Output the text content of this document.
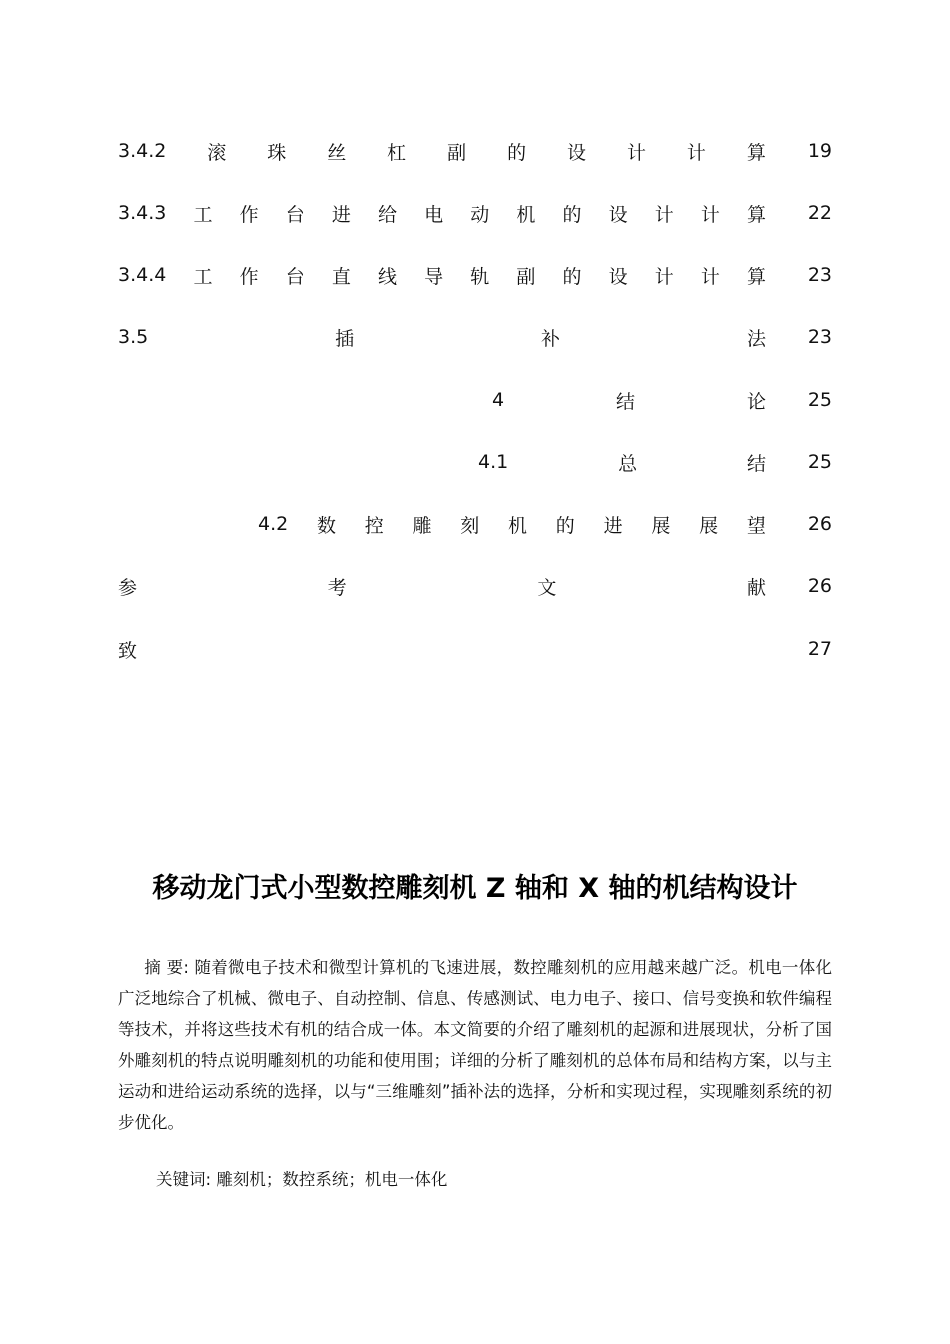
3.4.2 滚 珠 丝 杠 副 的 设 计 计 算	19
3.4.3 工 作 台 进 给 电 动 机 的 设 计 计 算	22
3.4.4 工 作 台 直 线 导 轨 副 的 设 计 计 算	23
3.5	插	补	法	23
4	结	论	25
4.1	总	结	25
4.2 数 控 雕 刻 机 的 进 展 展 望	26
参	考	文	献	26
致	27
移动龙门式小型数控雕刻机 Z 轴和 X 轴的机结构设计
摘 要: 随着微电子技术和微型计算机的飞速进展，数控雕刻机的应用越来越广泛。机电一体化广泛地综合了机械、微电子、自动控制、信息、传感测试、电力电子、接口、信号变换和软件编程等技术，并将这些技术有机的结合成一体。本文简要的介绍了雕刻机的起源和进展现状，分析了国外雕刻机的特点说明雕刻机的功能和使用围；详细的分析了雕刻机的总体布局和结构方案，以与主运动和进给运动系统的选择，以与“三维雕刻”插补法的选择，分析和实现过程，实现雕刻系统的初步优化。
关键词: 雕刻机；数控系统；机电一体化
